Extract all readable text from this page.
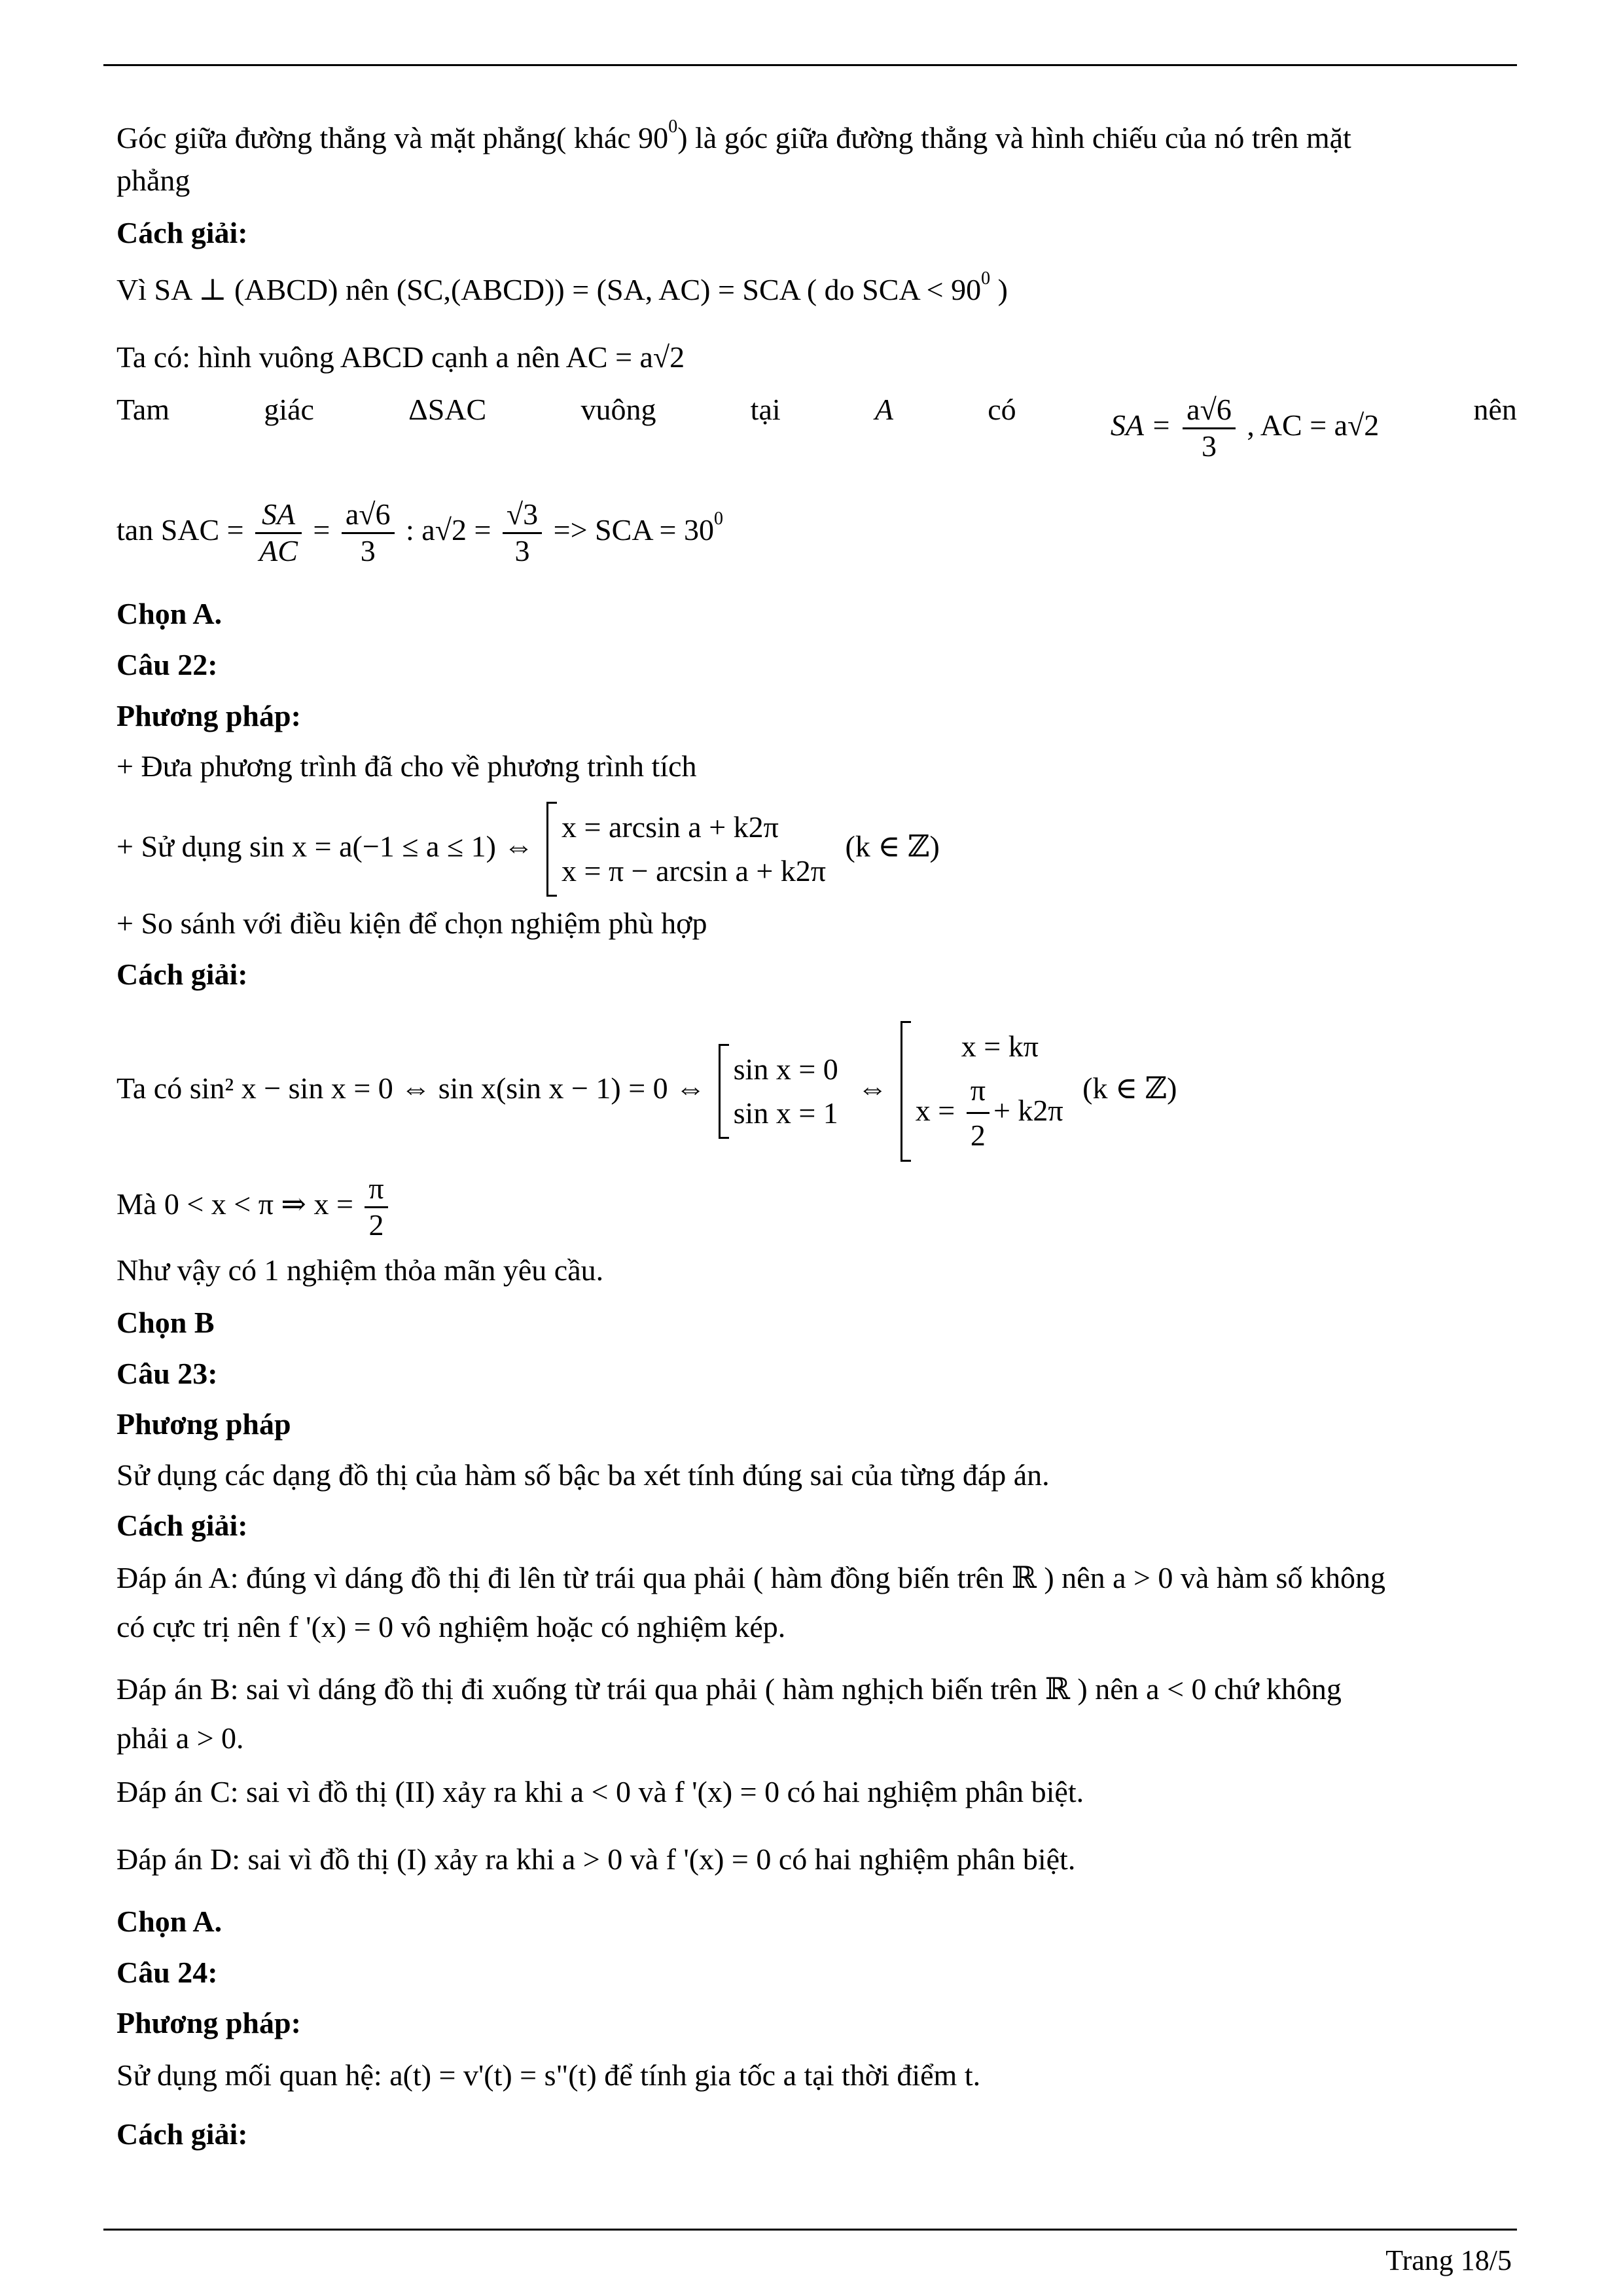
Góc giữa đường thẳng và mặt phẳng( khác $90^0$) là góc giữa đường thẳng và hình chiếu của nó trên mặt
phẳng
Cách giải:
Vì SA ⊥ (ABCD) nên (SC,(ABCD)) = (SA, AC) = SCA ( do SCA < $90^0$ )
Ta có: hình vuông ABCD cạnh a nên AC = a√2
Tam	giác	ΔSAC	vuông	tại	A	có	SA = $\frac{a√6}{3}$ , AC = a√2	nên
tan SAC = $\frac{SA}{AC} = \frac{a√6}{3}$ : $a√2 = \frac{√3}{3}$ => SCA = $30^0$
Chọn A.
Câu 22:
Phương pháp:
+ Đưa phương trình đã cho về phương trình tích
+ Sử dụng sin x = a(−1 ≤ a ≤ 1) ⇔
x = arcsin a + k2π
x = π − arcsin a + k2π
(k ∈ ℤ)
+ So sánh với điều kiện để chọn nghiệm phù hợp
Cách giải:
Ta có sin² x − sin x = 0 ⇔ sin x(sin x − 1) = 0 ⇔
sin x = 0
sin x = 1
⇔
x = kπ
$x = \frac{\pi}{2} + k2\pi$
(k ∈ ℤ)
Mà 0 < x < π ⇒ $x = \frac{\pi}{2}$
Như vậy có 1 nghiệm thỏa mãn yêu cầu.
Chọn B
Câu 23:
Phương pháp
Sử dụng các dạng đồ thị của hàm số bậc ba xét tính đúng sai của từng đáp án.
Cách giải:
Đáp án A: đúng vì dáng đồ thị đi lên từ trái qua phải ( hàm đồng biến trên ℝ ) nên a > 0 và hàm số không
có cực trị nên f '(x) = 0 vô nghiệm hoặc có nghiệm kép.
Đáp án B: sai vì dáng đồ thị đi xuống từ trái qua phải ( hàm nghịch biến trên ℝ ) nên a < 0 chứ không
phải a > 0.
Đáp án C: sai vì đồ thị (II) xảy ra khi a < 0 và f '(x) = 0 có hai nghiệm phân biệt.
Đáp án D: sai vì đồ thị (I) xảy ra khi a > 0 và f '(x) = 0 có hai nghiệm phân biệt.
Chọn A.
Câu 24:
Phương pháp:
Sử dụng mối quan hệ: a(t) = v'(t) = s"(t) để tính gia tốc a tại thời điểm t.
Cách giải:
Trang 18/5
